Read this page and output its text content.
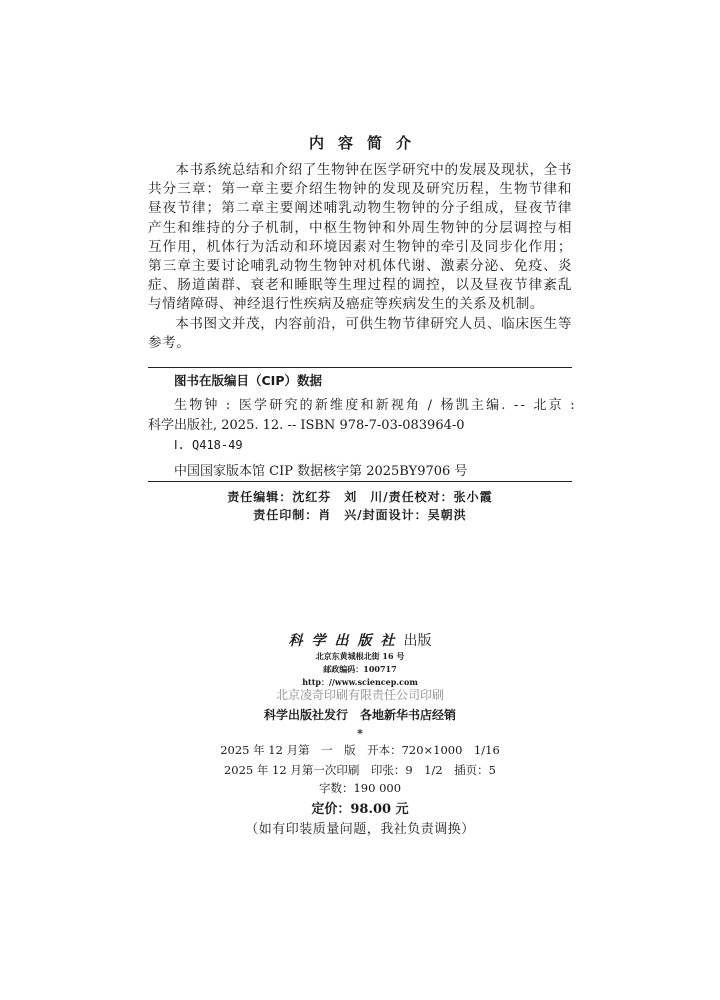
内容简介

本书系统总结和介绍了生物钟在医学研究中的发展及现状，全书共分三章：第一章主要介绍生物钟的发现及研究历程，生物节律和昼夜节律；第二章主要阐述哺乳动物生物钟的分子组成，昼夜节律产生和维持的分子机制，中枢生物钟和外周生物钟的分层调控与相互作用，机体行为活动和环境因素对生物钟的牵引及同步化作用；第三章主要讨论哺乳动物生物钟对机体代谢、激素分泌、免疫、炎症、肠道菌群、衰老和睡眠等生理过程的调控，以及昼夜节律紊乱与情绪障碍、神经退行性疾病及癌症等疾病发生的关系及机制。

本书图文并茂，内容前沿，可供生物节律研究人员、临床医生等参考。

图书在版编目（CIP）数据
生物钟 : 医学研究的新维度和新视角 / 杨凯主编. -- 北京 :
科学出版社, 2025. 12. -- ISBN 978-7-03-083964-0
Ⅰ. Q418-49
中国国家版本馆 CIP 数据核字第 2025BY9706 号
责任编辑：沈红芬　刘　川/责任校对：张小霞
责任印制：肖　兴/封面设计：吴朝洪
科学出版社出版
北京东黄城根北街 16 号
邮政编码：100717
http：//www.sciencep.com
北京凌奇印刷有限责任公司印刷
科学出版社发行　各地新华书店经销
*
2025 年 12 月第　一　版　开本：720×1000　1/16
2025 年 12 月第一次印刷　印张：9　1/2　插页：5
字数：190 000
定价：98.00 元
（如有印装质量问题，我社负责调换）
